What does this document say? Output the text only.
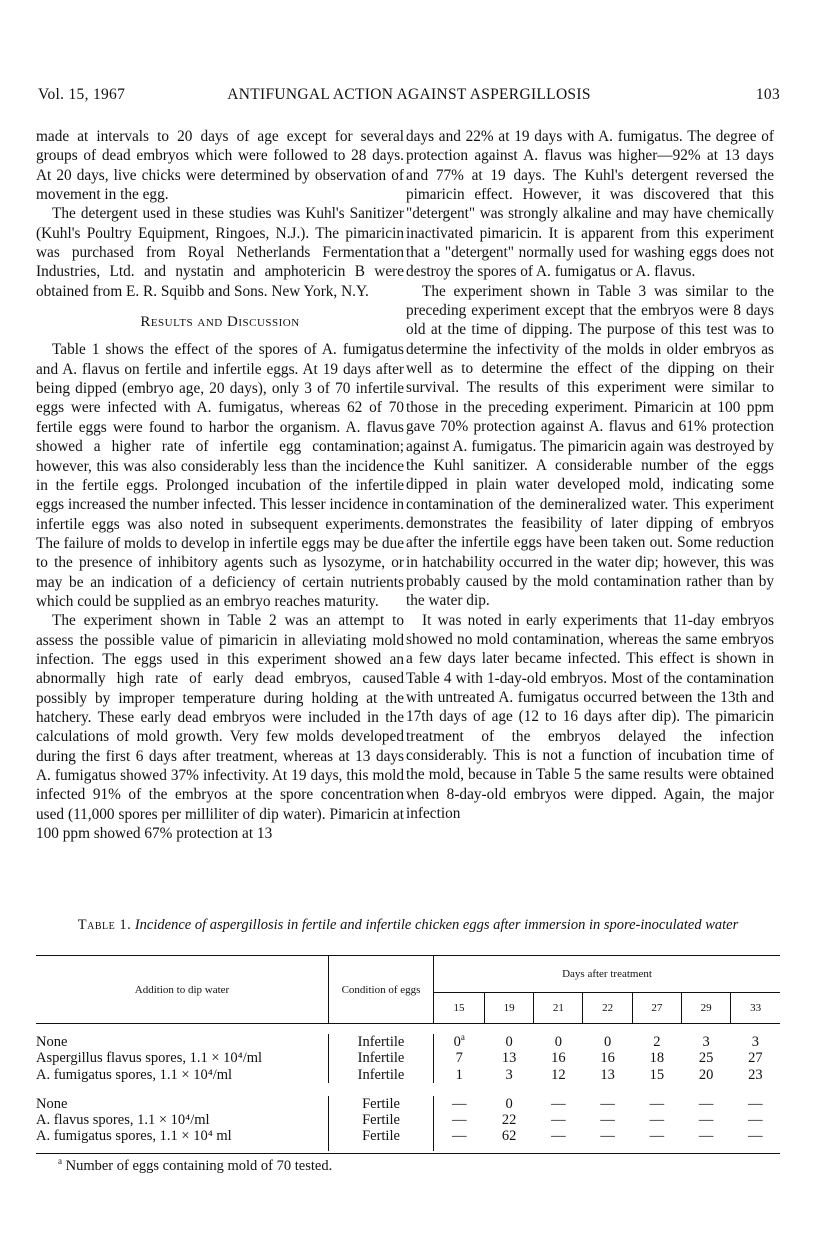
Vol. 15, 1967	ANTIFUNGAL ACTION AGAINST ASPERGILLOSIS	103

made at intervals to 20 days of age except for several groups of dead embryos which were followed to 28 days. At 20 days, live chicks were determined by observation of movement in the egg.

The detergent used in these studies was Kuhl's Sanitizer (Kuhl's Poultry Equipment, Ringoes, N.J.). The pimaricin was purchased from Royal Netherlands Fermentation Industries, Ltd. and nystatin and amphotericin B were obtained from E. R. Squibb and Sons. New York, N.Y.

Results and Discussion

Table 1 shows the effect of the spores of A. fumigatus and A. flavus on fertile and infertile eggs. At 19 days after being dipped (embryo age, 20 days), only 3 of 70 infertile eggs were infected with A. fumigatus, whereas 62 of 70 fertile eggs were found to harbor the organism. A. flavus showed a higher rate of infertile egg contamination; however, this was also considerably less than the incidence in the fertile eggs. Prolonged incubation of the infertile eggs increased the number infected. This lesser incidence in infertile eggs was also noted in subsequent experiments. The failure of molds to develop in infertile eggs may be due to the presence of inhibitory agents such as lysozyme, or may be an indication of a deficiency of certain nutrients which could be supplied as an embryo reaches maturity.

The experiment shown in Table 2 was an attempt to assess the possible value of pimaricin in alleviating mold infection. The eggs used in this experiment showed an abnormally high rate of early dead embryos, caused possibly by improper temperature during holding at the hatchery. These early dead embryos were included in the calculations of mold growth. Very few molds developed during the first 6 days after treatment, whereas at 13 days A. fumigatus showed 37% infectivity. At 19 days, this mold infected 91% of the embryos at the spore concentration used (11,000 spores per milliliter of dip water). Pimaricin at 100 ppm showed 67% protection at 13

days and 22% at 19 days with A. fumigatus. The degree of protection against A. flavus was higher—92% at 13 days and 77% at 19 days. The Kuhl's detergent reversed the pimaricin effect. However, it was discovered that this "detergent" was strongly alkaline and may have chemically inactivated pimaricin. It is apparent from this experiment that a "detergent" normally used for washing eggs does not destroy the spores of A. fumigatus or A. flavus.

The experiment shown in Table 3 was similar to the preceding experiment except that the embryos were 8 days old at the time of dipping. The purpose of this test was to determine the infectivity of the molds in older embryos as well as to determine the effect of the dipping on their survival. The results of this experiment were similar to those in the preceding experiment. Pimaricin at 100 ppm gave 70% protection against A. flavus and 61% protection against A. fumigatus. The pimaricin again was destroyed by the Kuhl sanitizer. A considerable number of the eggs dipped in plain water developed mold, indicating some contamination of the demineralized water. This experiment demonstrates the feasibility of later dipping of embryos after the infertile eggs have been taken out. Some reduction in hatchability occurred in the water dip; however, this was probably caused by the mold contamination rather than by the water dip.

It was noted in early experiments that 11-day embryos showed no mold contamination, whereas the same embryos a few days later became infected. This effect is shown in Table 4 with 1-day-old embryos. Most of the contamination with untreated A. fumigatus occurred between the 13th and 17th days of age (12 to 16 days after dip). The pimaricin treatment of the embryos delayed the infection considerably. This is not a function of incubation time of the mold, because in Table 5 the same results were obtained when 8-day-old embryos were dipped. Again, the major infection

Table 1. Incidence of aspergillosis in fertile and infertile chicken eggs after immersion in spore-inoculated water
Addition to dip water	Condition of eggs	Days after treatment						
		15	19	21	22	27	29	33

None	Infertile	0$^a$	0	0	0	2	3	3
Aspergillus flavus spores, 1.1 × 10⁴/ml	Infertile	7	13	16	16	18	25	27
A. fumigatus spores, 1.1 × 10⁴/ml	Infertile	1	3	12	13	15	20	23

None	Fertile	—	0	—	—	—	—	—
A. flavus spores, 1.1 × 10⁴/ml	Fertile	—	22	—	—	—	—	—
A. fumigatus spores, 1.1 × 10⁴ ml	Fertile	—	62	—	—	—	—	—

$^a$ Number of eggs containing mold of 70 tested.
